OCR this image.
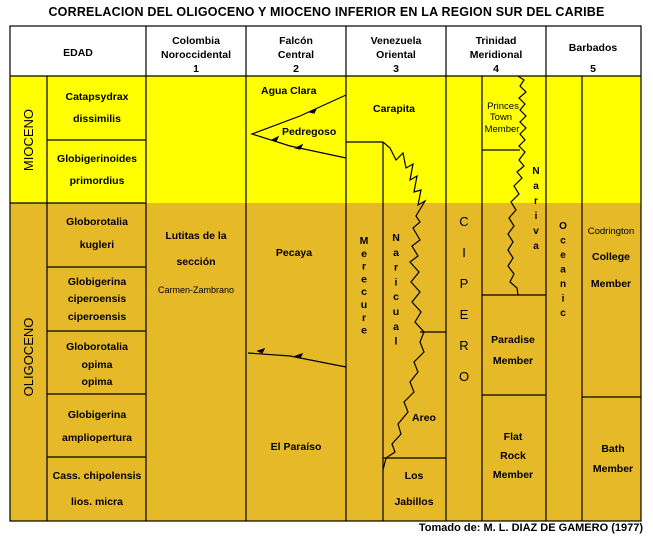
CORRELACION DEL OLIGOCENO Y MIOCENO INFERIOR EN LA REGION SUR DEL CARIBE
EDAD
Colombia
Noroccidental
1
Falcón
Central
2
Venezuela
Oriental
3
Trinidad
Meridional
4
Barbados
5
MIOCENO
OLIGOCENO
Catapsydrax
dissimilis
Globigerinoides
primordius
Globorotalia
kugleri
Globigerina
ciperoensis
ciperoensis
Globorotalia
opima
opima
Globigerina
ampliopertura
Cass. chipolensis
lios. micra
Lutitas de la
sección
Carmen-Zambrano
Agua Clara
Pedregoso
Pecaya
El Paraíso
Carapita
Areo
Los
Jabillos
M e r e c u r e
N a r i c u a l
C I P E R O
Princes
Town
Member
N a r i v a
Paradise
Member
Flat
Rock
Member
O c e a n i c
Codrington
College
Member
Bath
Member
Tomado de: M. L. DIAZ DE GAMERO (1977)
